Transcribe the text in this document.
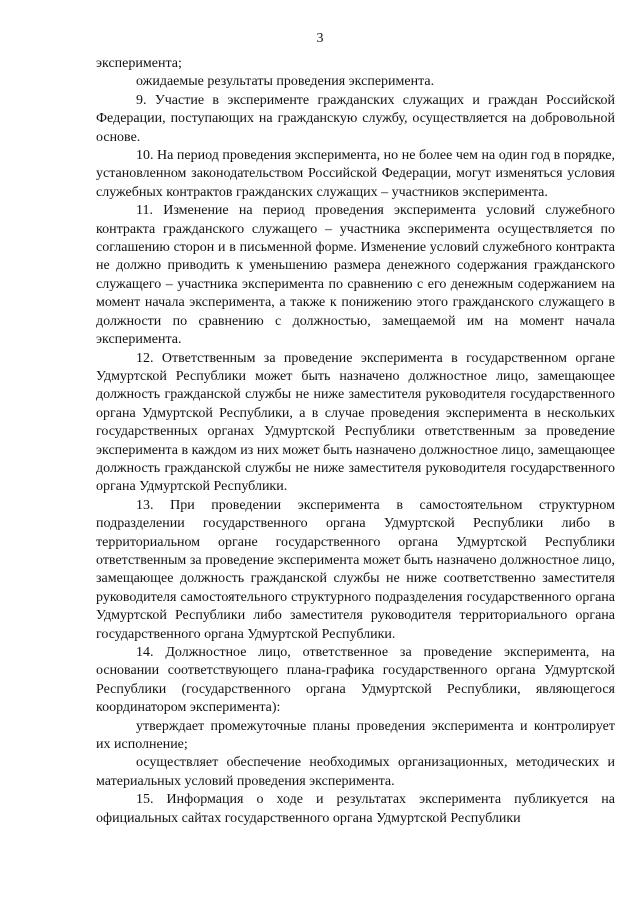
3

эксперимента;

ожидаемые результаты проведения эксперимента.

9. Участие в эксперименте гражданских служащих и граждан Российской Федерации, поступающих на гражданскую службу, осуществляется на добровольной основе.

10. На период проведения эксперимента, но не более чем на один год в порядке, установленном законодательством Российской Федерации, могут изменяться условия служебных контрактов гражданских служащих – участников эксперимента.

11. Изменение на период проведения эксперимента условий служебного контракта гражданского служащего – участника эксперимента осуществляется по соглашению сторон и в письменной форме. Изменение условий служебного контракта не должно приводить к уменьшению размера денежного содержания гражданского служащего – участника эксперимента по сравнению с его денежным содержанием на момент начала эксперимента, а также к понижению этого гражданского служащего в должности по сравнению с должностью, замещаемой им на момент начала эксперимента.

12. Ответственным за проведение эксперимента в государственном органе Удмуртской Республики может быть назначено должностное лицо, замещающее должность гражданской службы не ниже заместителя руководителя государственного органа Удмуртской Республики, а в случае проведения эксперимента в нескольких государственных органах Удмуртской Республики ответственным за проведение эксперимента в каждом из них может быть назначено должностное лицо, замещающее должность гражданской службы не ниже заместителя руководителя государственного органа Удмуртской Республики.

13. При проведении эксперимента в самостоятельном структурном подразделении государственного органа Удмуртской Республики либо в территориальном органе государственного органа Удмуртской Республики ответственным за проведение эксперимента может быть назначено должностное лицо, замещающее должность гражданской службы не ниже соответственно заместителя руководителя самостоятельного структурного подразделения государственного органа Удмуртской Республики либо заместителя руководителя территориального органа государственного органа Удмуртской Республики.

14. Должностное лицо, ответственное за проведение эксперимента, на основании соответствующего плана-графика государственного органа Удмуртской Республики (государственного органа Удмуртской Республики, являющегося координатором эксперимента):

утверждает промежуточные планы проведения эксперимента и контролирует их исполнение;

осуществляет обеспечение необходимых организационных, методических и материальных условий проведения эксперимента.

15. Информация о ходе и результатах эксперимента публикуется на официальных сайтах государственного органа Удмуртской Республики
